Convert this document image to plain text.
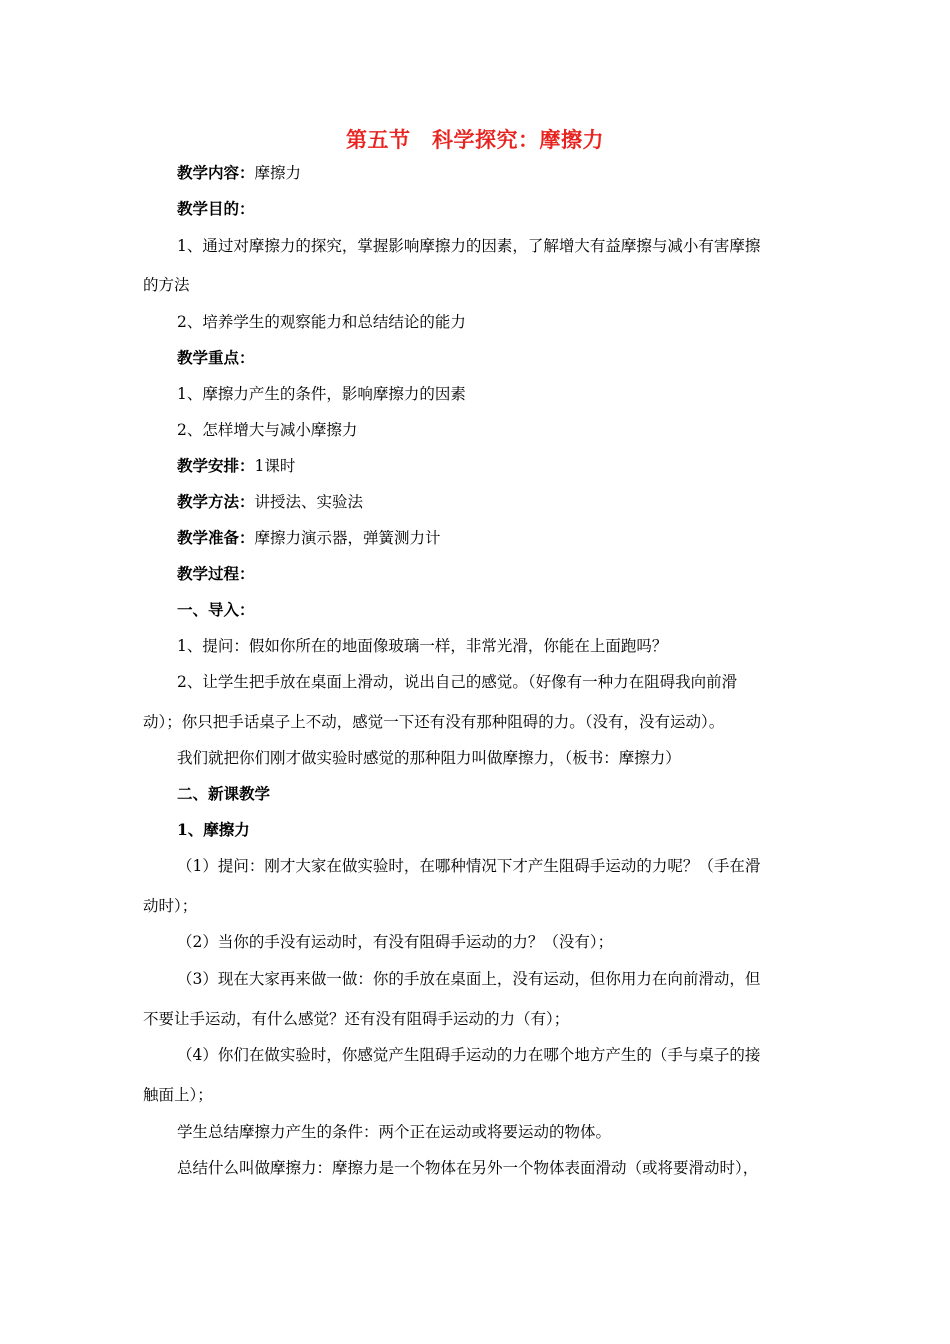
第五节　科学探究：摩擦力
教学内容：摩擦力
教学目的：
1、通过对摩擦力的探究，掌握影响摩擦力的因素，了解增大有益摩擦与减小有害摩擦
的方法
2、培养学生的观察能力和总结结论的能力
教学重点：
1、摩擦力产生的条件，影响摩擦力的因素
2、怎样增大与减小摩擦力
教学安排：1课时
教学方法：讲授法、实验法
教学准备：摩擦力演示器，弹簧测力计
教学过程：
一、导入：
1、提问：假如你所在的地面像玻璃一样，非常光滑，你能在上面跑吗？
2、让学生把手放在桌面上滑动，说出自己的感觉。（好像有一种力在阻碍我向前滑
动）；你只把手话桌子上不动，感觉一下还有没有那种阻碍的力。（没有，没有运动）。
我们就把你们刚才做实验时感觉的那种阻力叫做摩擦力，（板书：摩擦力）
二、新课教学
1、摩擦力
（1）提问：刚才大家在做实验时，在哪种情况下才产生阻碍手运动的力呢？（手在滑
动时）；
（2）当你的手没有运动时，有没有阻碍手运动的力？（没有）；
（3）现在大家再来做一做：你的手放在桌面上，没有运动，但你用力在向前滑动，但
不要让手运动，有什么感觉？还有没有阻碍手运动的力（有）；
（4）你们在做实验时，你感觉产生阻碍手运动的力在哪个地方产生的（手与桌子的接
触面上）；
学生总结摩擦力产生的条件：两个正在运动或将要运动的物体。
总结什么叫做摩擦力：摩擦力是一个物体在另外一个物体表面滑动（或将要滑动时），
